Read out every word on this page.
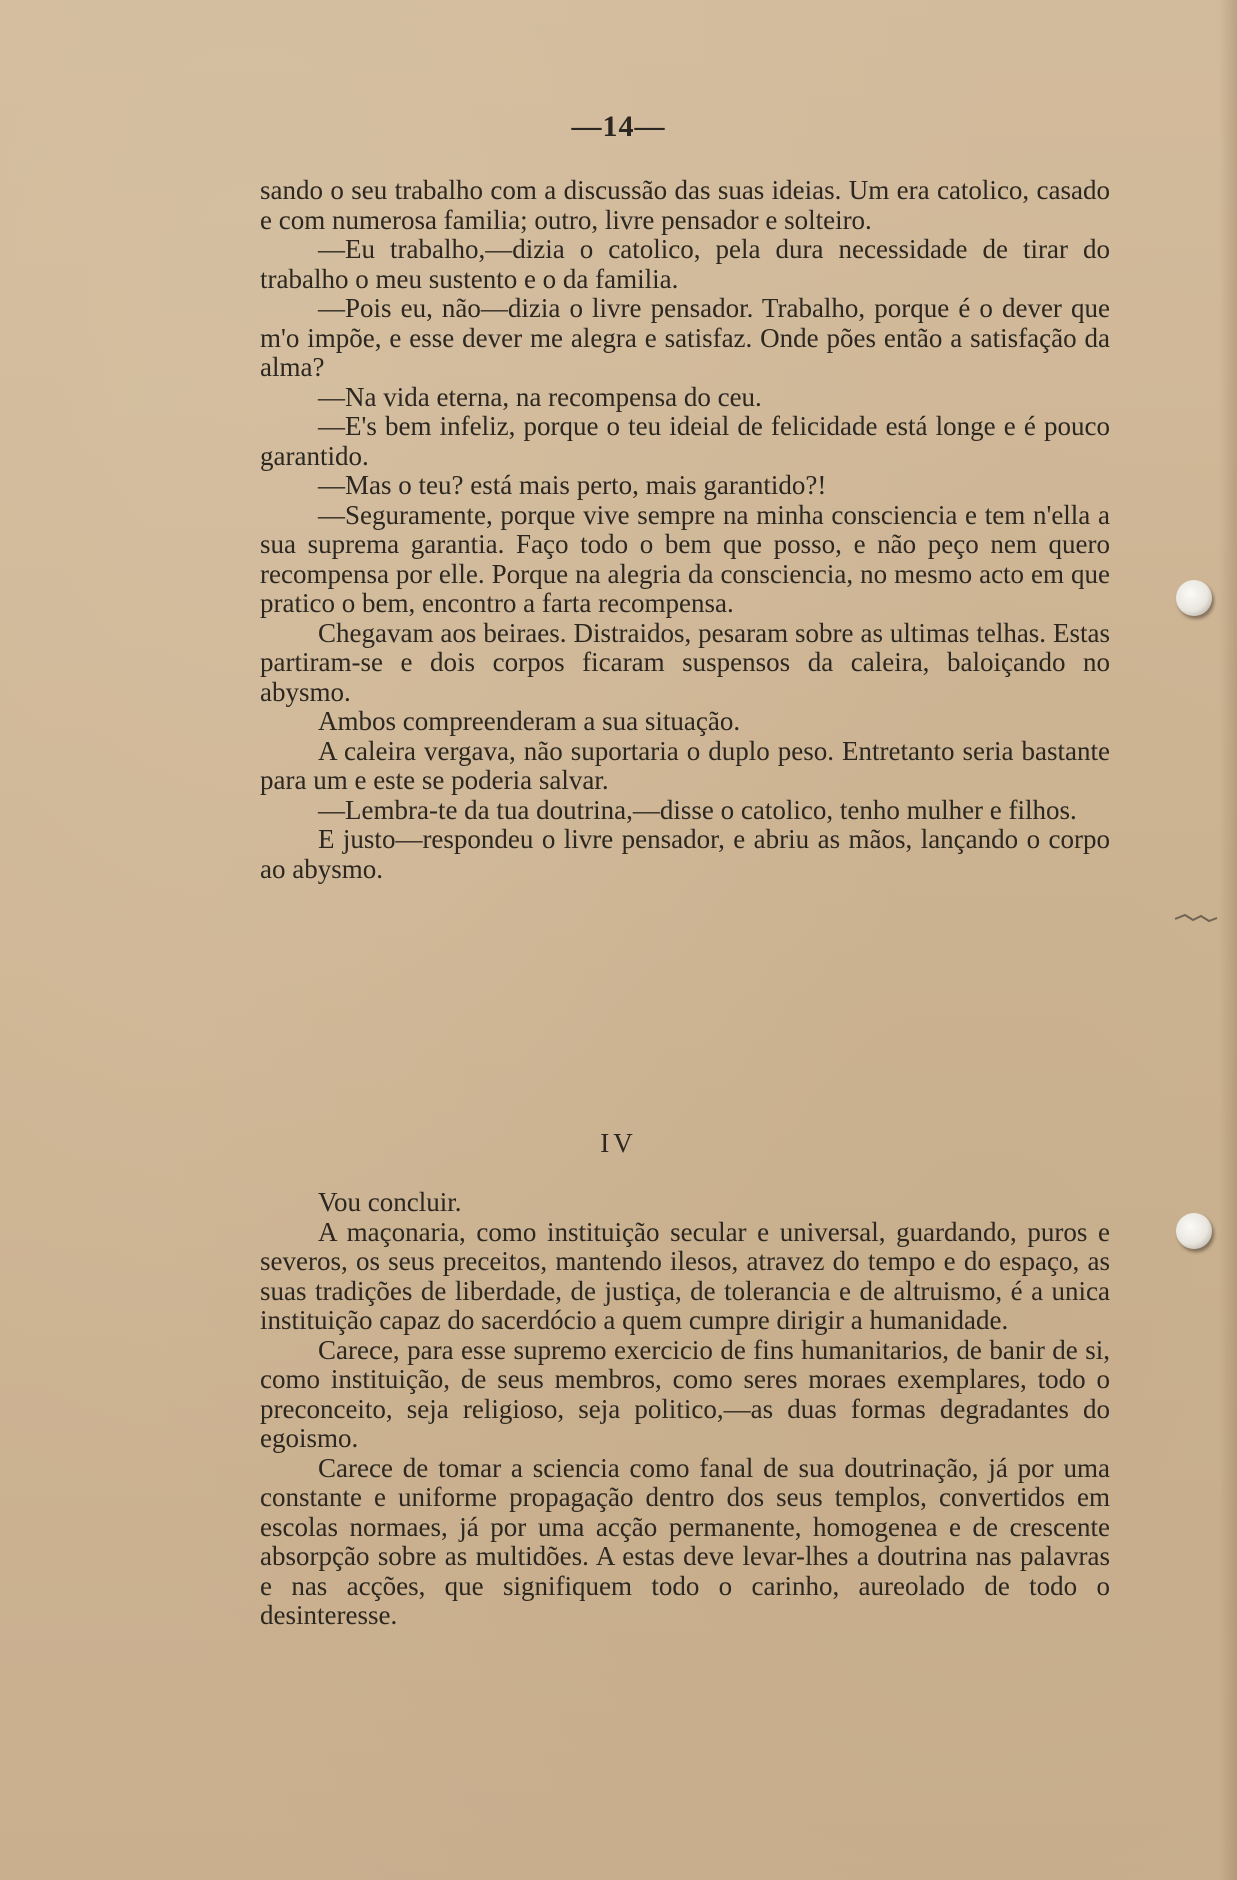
—14—

sando o seu trabalho com a discussão das suas ideias. Um era catolico, casado e com numerosa familia; outro, livre pensador e solteiro.

—Eu trabalho,—dizia o catolico, pela dura necessidade de tirar do trabalho o meu sustento e o da familia.

—Pois eu, não—dizia o livre pensador. Trabalho, porque é o dever que m'o impõe, e esse dever me alegra e satisfaz. Onde pões então a satisfação da alma?

—Na vida eterna, na recompensa do ceu.

—E's bem infeliz, porque o teu ideial de felicidade está longe e é pouco garantido.

—Mas o teu? está mais perto, mais garantido?!

—Seguramente, porque vive sempre na minha consciencia e tem n'ella a sua suprema garantia. Faço todo o bem que posso, e não peço nem quero recompensa por elle. Porque na alegria da consciencia, no mesmo acto em que pratico o bem, encontro a farta recompensa.

Chegavam aos beiraes. Distraidos, pesaram sobre as ultimas telhas. Estas partiram-se e dois corpos ficaram suspensos da caleira, baloiçando no abysmo.

Ambos compreenderam a sua situação.

A caleira vergava, não suportaria o duplo peso. Entretanto seria bastante para um e este se poderia salvar.

—Lembra-te da tua doutrina,—disse o catolico, tenho mulher e filhos.

E justo—respondeu o livre pensador, e abriu as mãos, lançando o corpo ao abysmo.

IV

Vou concluir.

A maçonaria, como instituição secular e universal, guardando, puros e severos, os seus preceitos, mantendo ilesos, atravez do tempo e do espaço, as suas tradições de liberdade, de justiça, de tolerancia e de altruismo, é a unica instituição capaz do sacerdócio a quem cumpre dirigir a humanidade.

Carece, para esse supremo exercicio de fins humanitarios, de banir de si, como instituição, de seus membros, como seres moraes exemplares, todo o preconceito, seja religioso, seja politico,—as duas formas degradantes do egoismo.

Carece de tomar a sciencia como fanal de sua doutrinação, já por uma constante e uniforme propagação dentro dos seus templos, convertidos em escolas normaes, já por uma acção permanente, homogenea e de crescente absorpção sobre as multidões. A estas deve levar-lhes a doutrina nas palavras e nas acções, que signifiquem todo o carinho, aureolado de todo o desinteresse.
